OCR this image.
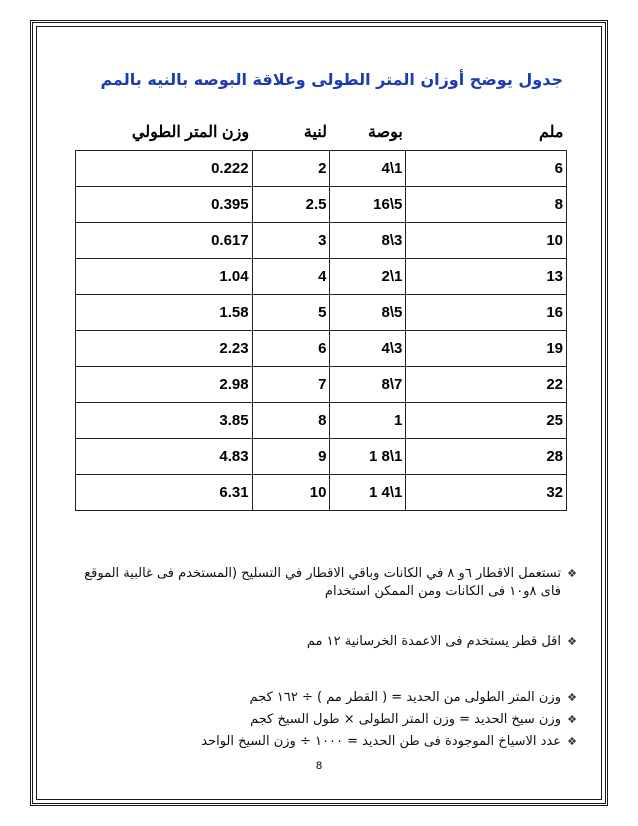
جدول يوضح أوزان المتر الطولى وعلاقة البوصه بالنيه بالمم
وزن المتر الطولي	لنية	بوصة	ملم
0.222	2	4\1	6
0.395	2.5	16\5	8
0.617	3	8\3	10
1.04	4	2\1	13
1.58	5	8\5	16
2.23	6	4\3	19
2.98	7	8\7	22
3.85	8	1	25
4.83	9	1 8\1	28
6.31	10	1 4\1	32
❖
تستعمل الاقطار ٦و ٨ في الكانات وباقي الاقطار في التسليح (المستخدم فى غالبية الموقع فاى ٨و١٠ فى الكانات ومن الممكن استخدام
❖
اقل قطر يستخدم فى الاعمدة الخرسانية ١٢ مم
❖
وزن المتر الطولى من الحديد = ( القطر مم ) ÷ ١٦٢ كجم
❖
وزن سيخ الحديد = وزن المتر الطولى × طول السيخ كجم
❖
عدد الاسياخ الموجودة فى طن الحديد = ١٠٠٠ ÷ وزن السيخ الواحد
8
